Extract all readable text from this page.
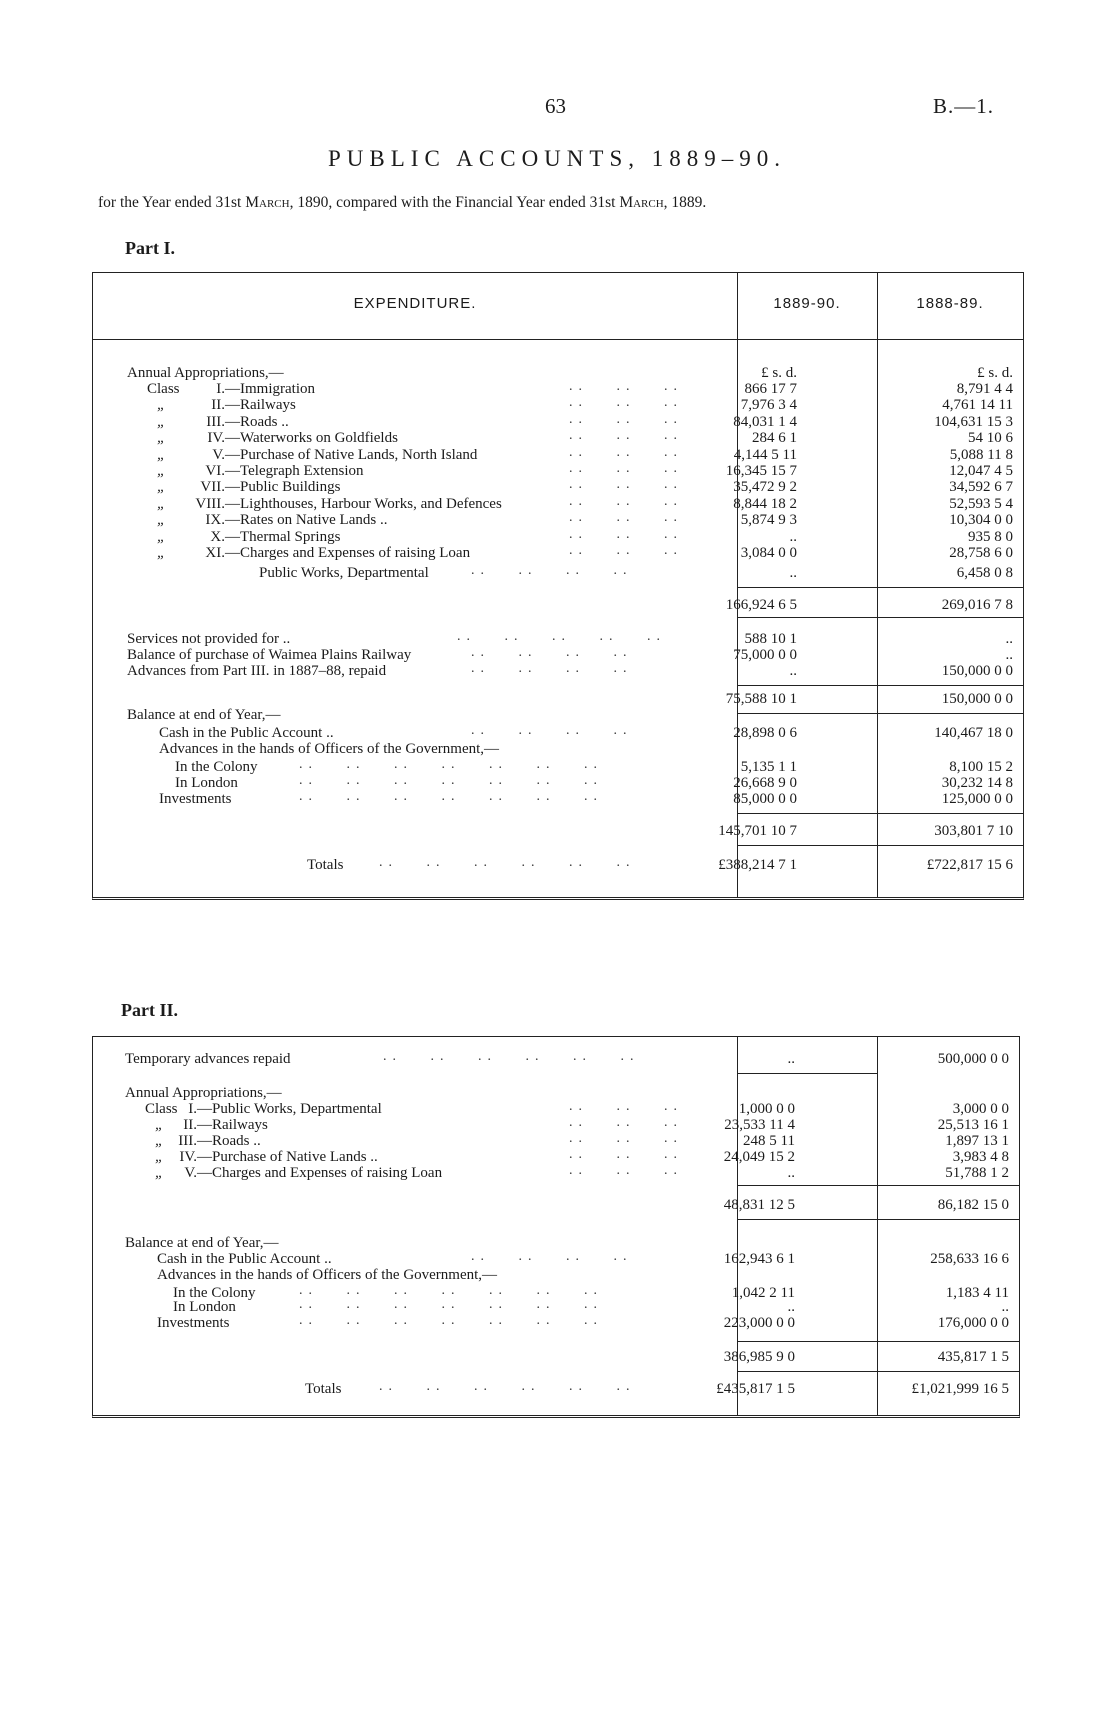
63	B.—1.
PUBLIC ACCOUNTS, 1889–90.
for the Year ended 31st March, 1890, compared with the Financial Year ended 31st March, 1889.
Part I.
EXPENDITURE.	1889-90.	1888-89.
Annual Appropriations,—	£ s. d.	£ s. d.
Class	I.—Immigration	..   ..   ..	866 17 7	8,791 4 4
„	II.—Railways	..   ..   ..	7,976 3 4	4,761 14 11
„	III.—Roads ..	..   ..   ..	84,031 1 4	104,631 15 3
„	IV.—Waterworks on Goldfields	..   ..   ..	284 6 1	54 10 6
„	V.—Purchase of Native Lands, North Island	..   ..   ..	4,144 5 11	5,088 11 8
„	VI.—Telegraph Extension	..   ..   ..	16,345 15 7	12,047 4 5
„	VII.—Public Buildings	..   ..   ..	35,472 9 2	34,592 6 7
„	VIII.—Lighthouses, Harbour Works, and Defences	..   ..   ..	8,844 18 2	52,593 5 4
„	IX.—Rates on Native Lands ..	..   ..   ..	5,874 9 3	10,304 0 0
„	X.—Thermal Springs	..   ..   ..	..	935 8 0
„	XI.—Charges and Expenses of raising Loan	..   ..   ..	3,084 0 0	28,758 6 0
Public Works, Departmental	..   ..   ..   ..	..	6,458 0 8
166,924 6 5	269,016 7 8
Services not provided for ..	..   ..   ..   ..   ..	588 10 1	..
Balance of purchase of Waimea Plains Railway	..   ..   ..   ..	75,000 0 0	..
Advances from Part III. in 1887–88, repaid	..   ..   ..   ..	..	150,000 0 0
75,588 10 1	150,000 0 0
Balance at end of Year,—
Cash in the Public Account ..	..   ..   ..   ..	28,898 0 6	140,467 18 0
Advances in the hands of Officers of the Government,—
In the Colony	..   ..   ..   ..   ..   ..   ..	5,135 1 1	8,100 15 2
In London	..   ..   ..   ..   ..   ..   ..	26,668 9 0	30,232 14 8
Investments	..   ..   ..   ..   ..   ..   ..	85,000 0 0	125,000 0 0
145,701 10 7	303,801 7 10
Totals	..   ..   ..   ..   ..   ..	£388,214 7 1	£722,817 15 6
Part II.
Temporary advances repaid	..   ..   ..   ..   ..   ..	..	500,000 0 0
Annual Appropriations,—
Class I.—Public Works, Departmental	..   ..   ..	1,000 0 0	3,000 0 0
„	II.—Railways	..   ..   ..	23,533 11 4	25,513 16 1
„ III.—Roads ..	..   ..   ..	248 5 11	1,897 13 1
„	IV.—Purchase of Native Lands ..	..   ..   ..	24,049 15 2	3,983 4 8
„	V.—Charges and Expenses of raising Loan	..   ..   ..	..	51,788 1 2
48,831 12 5	86,182 15 0
Balance at end of Year,—
Cash in the Public Account ..	..   ..   ..   ..	162,943 6 1	258,633 16 6
Advances in the hands of Officers of the Government,—
In the Colony	..   ..   ..   ..   ..   ..   ..	1,042 2 11	1,183 4 11
In London	..   ..   ..   ..   ..   ..   ..	..	..
Investments	..   ..   ..   ..   ..   ..   ..	223,000 0 0	176,000 0 0
386,985 9 0	435,817 1 5
Totals	..   ..   ..   ..   ..   ..	£435,817 1 5	£1,021,999 16 5
